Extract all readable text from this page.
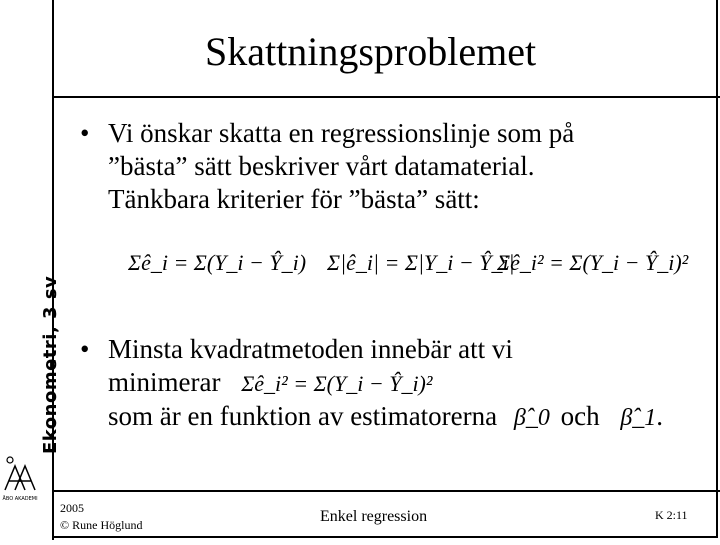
Ekonometri, 3 sv
ÅBO AKADEMI
Skattningsproblemet
• Vi önskar skatta en regressionslinje som på
”bästa” sätt beskriver vårt datamaterial.
Tänkbara kriterier för ”bästa” sätt:
Σê_i = Σ(Y_i − Ŷ_i) Σ|ê_i| = Σ|Y_i − Ŷ_i|
Σê_i² = Σ(Y_i − Ŷ_i)²
• Minsta kvadratmetoden innebär att vi
minimerar Σê_i² = Σ(Y_i − Ŷ_i)²
som är en funktion av estimatorerna β̂_0 och β̂_1.
2005
© Rune Höglund	Enkel regression	K 2:11
